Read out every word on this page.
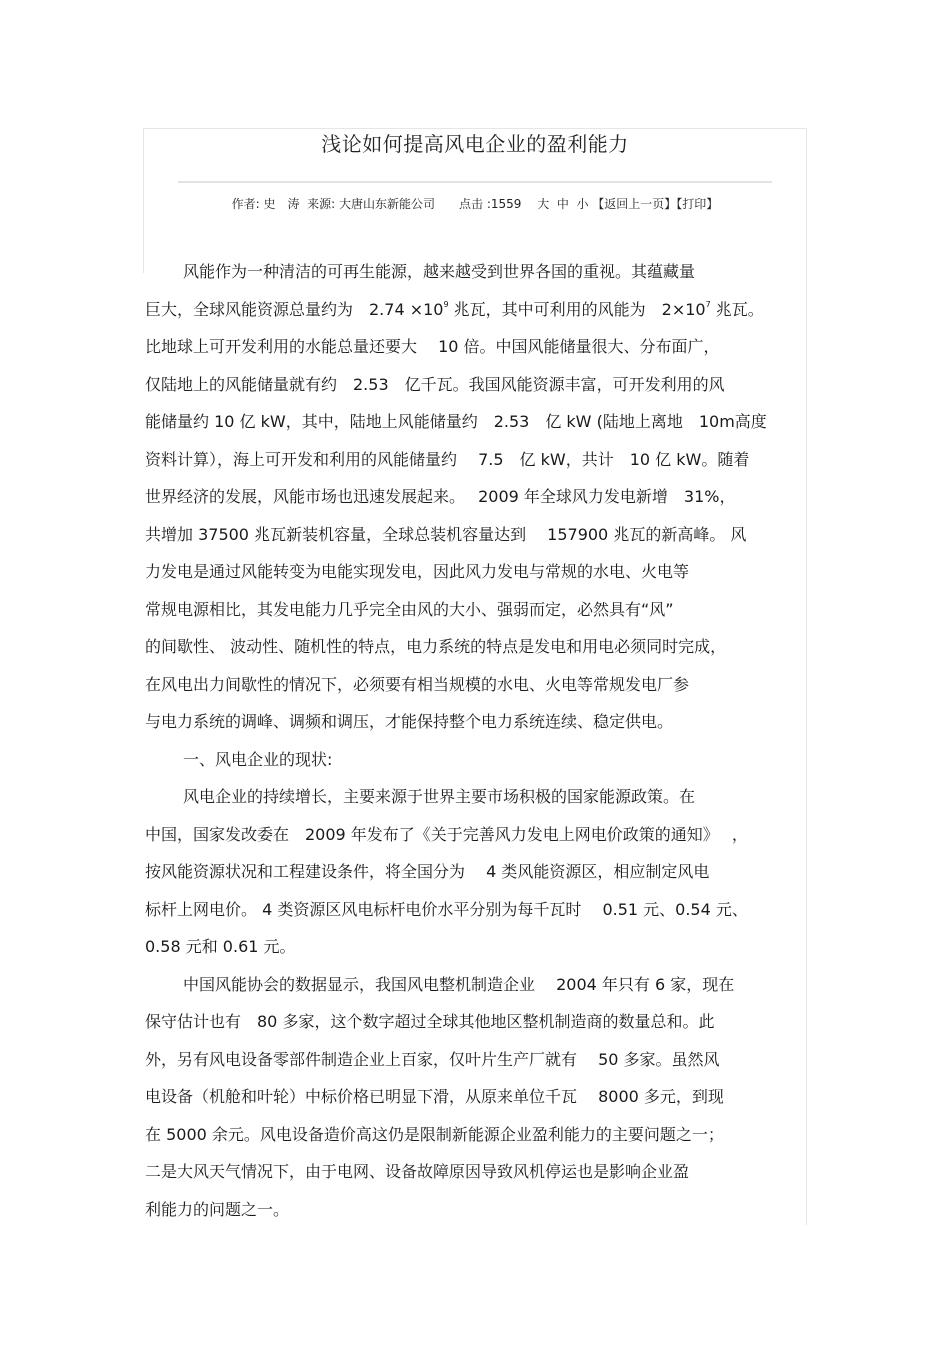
浅论如何提高风电企业的盈利能力
作者: 史　涛  来源: 大唐山东新能公司　　点击 :1559　 大  中  小 【返回上一页】【打印】
风能作为一种清洁的可再生能源，越来越受到世界各国的重视。其蕴藏量
巨大，全球风能资源总量约为　$2.74 \times 10^9$ 兆瓦，其中可利用的风能为　$2\times 10^7$ 兆瓦。
比地球上可开发利用的水能总量还要大　 10 倍。中国风能储量很大、分布面广，
仅陆地上的风能储量就有约　2.53　亿千瓦。我国风能资源丰富，可开发利用的风
能储量约 10 亿 kW，其中，陆地上风能储量约　2.53　亿 kW (陆地上离地　10m高度
资料计算），海上可开发和利用的风能储量约　 7.5　亿 kW，共计　10 亿 kW。随着
世界经济的发展，风能市场也迅速发展起来。　 2009 年全球风力发电新增　31%，
共增加 37500 兆瓦新装机容量，全球总装机容量达到　 157900 兆瓦的新高峰。 风
力发电是通过风能转变为电能实现发电，因此风力发电与常规的水电、火电等
常规电源相比，其发电能力几乎完全由风的大小、强弱而定，必然具有“风”
的间歇性、 波动性、随机性的特点，电力系统的特点是发电和用电必须同时完成，
在风电出力间歇性的情况下，必须要有相当规模的水电、火电等常规发电厂参
与电力系统的调峰、调频和调压，才能保持整个电力系统连续、稳定供电。
一、风电企业的现状:
风电企业的持续增长，主要来源于世界主要市场积极的国家能源政策。在
中国，国家发改委在　2009 年发布了《关于完善风力发电上网电价政策的通知》　 ，
按风能资源状况和工程建设条件，将全国分为　 4 类风能资源区，相应制定风电
标杆上网电价。 4 类资源区风电标杆电价水平分别为每千瓦时　 0.51 元、0.54 元、
0.58 元和 0.61 元。
中国风能协会的数据显示，我国风电整机制造企业　 2004 年只有 6 家，现在
保守估计也有　80 多家，这个数字超过全球其他地区整机制造商的数量总和。此
外，另有风电设备零部件制造企业上百家，仅叶片生产厂就有　 50 多家。虽然风
电设备（机舱和叶轮）中标价格已明显下滑，从原来单位千瓦　 8000 多元，到现
在 5000 余元。风电设备造价高这仍是限制新能源企业盈利能力的主要问题之一；
二是大风天气情况下，由于电网、设备故障原因导致风机停运也是影响企业盈
利能力的问题之一。
